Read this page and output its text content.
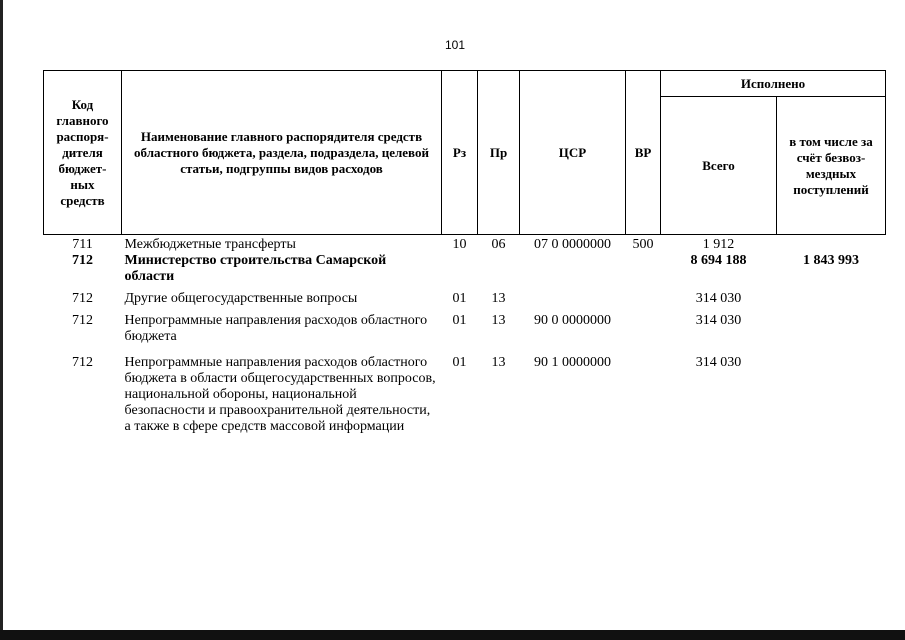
101
Код главного распоря-дителя бюджет-ных средств	Наименование главного распорядителя средств областного бюджета, раздела, подраздела, целевой статьи, подгруппы видов расходов	Рз	Пр	ЦСР	ВР	Исполнено	
						Всего	в том числе за счёт безвоз-мездных поступлений
711	Межбюджетные трансферты	10	06	07 0 0000000	500	1 912	
712	Министерство строительства Самарской области					8 694 188	1 843 993
712	Другие общегосударственные вопросы	01	13			314 030	
712	Непрограммные направления расходов областного бюджета	01	13	90 0 0000000		314 030	
712	Непрограммные направления расходов областного бюджета в области общегосударственных вопросов, национальной обороны, национальной безопасности и правоохранительной деятельности, а также в сфере средств массовой информации	01	13	90 1 0000000		314 030	
